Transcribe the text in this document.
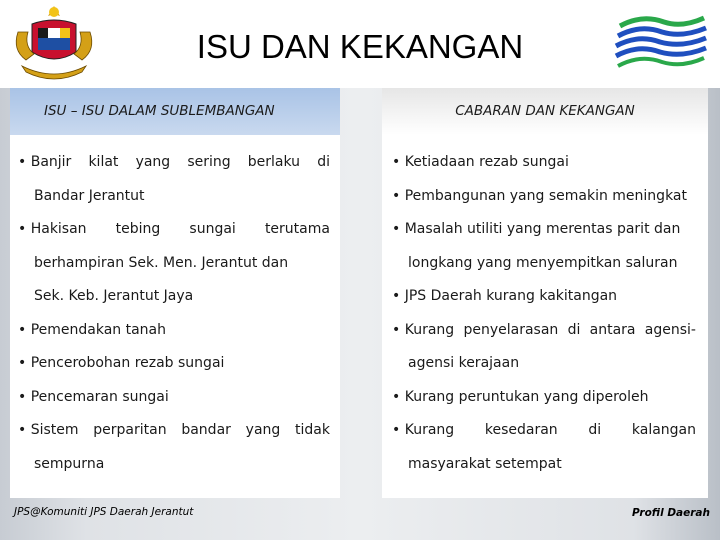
ISU DAN KEKANGAN
ISU – ISU DALAM SUBLEMBANGAN	CABARAN DAN KEKANGAN
• Banjir kilat yang sering berlaku di
Bandar Jerantut
• Hakisan tebing sungai terutama
berhampiran Sek. Men. Jerantut dan
Sek. Keb. Jerantut Jaya
• Pemendakan tanah
• Pencerobohan rezab sungai
• Pencemaran sungai
• Sistem perparitan bandar yang tidak
sempurna
• Ketiadaan rezab sungai
• Pembangunan yang semakin meningkat
• Masalah utiliti yang merentas parit dan
longkang yang menyempitkan saluran
• JPS Daerah kurang kakitangan
• Kurang penyelarasan di antara agensi-
agensi kerajaan
• Kurang peruntukan yang diperoleh
• Kurang kesedaran di kalangan
masyarakat setempat
JPS@Komuniti JPS Daerah Jerantut	Profil Daerah
